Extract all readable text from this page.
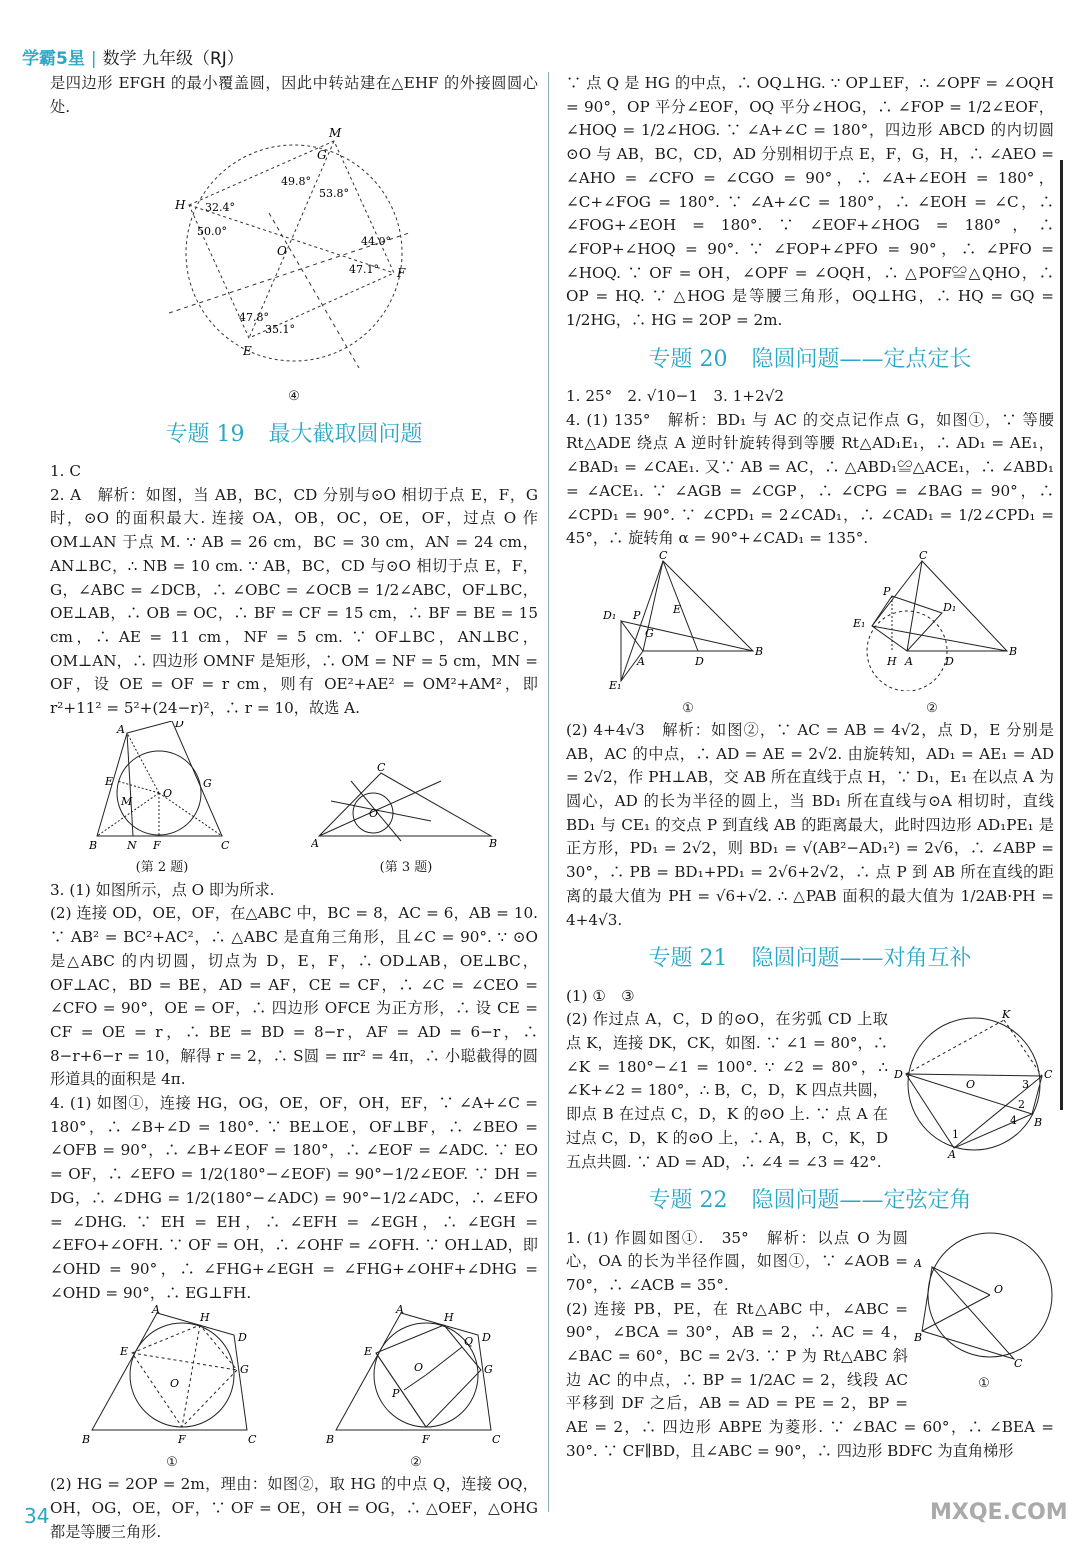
学霸5星 | 数学 九年级（RJ）

是四边形 EFGH 的最小覆盖圆，因此中转站建在△EHF 的外接圆圆心处.

M
G
H
F
E
O
49.8°
53.8°
32.4°
50.0°
44.0°
47.1°
47.8°
35.1°
④
专题 19 最大截取圆问题

1. C

2. A　解析：如图，当 AB，BC，CD 分别与⊙O 相切于点 E，F，G 时，⊙O 的面积最大. 连接 OA，OB，OC，OE，OF，过点 O 作 OM⊥AN 于点 M. ∵ AB = 26 cm，BC = 30 cm，AN = 24 cm，AN⊥BC，∴ NB = 10 cm. ∵ AB，BC，CD 与⊙O 相切于点 E，F，G，∠ABC = ∠DCB，∴ ∠OBC = ∠OCB = 1/2∠ABC，OF⊥BC，OE⊥AB，∴ OB = OC，∴ BF = CF = 15 cm，∴ BF = BE = 15 cm，∴ AE = 11 cm，NF = 5 cm. ∵ OF⊥BC，AN⊥BC，OM⊥AN，∴ 四边形 OMNF 是矩形，∴ OM = NF = 5 cm，MN = OF，设 OE = OF = r cm，则有 OE²+AE² = OM²+AM²，即 r²+11² = 5²+(24−r)²，∴ r = 10，故选 A.

A	D
E	G
M
O
B	N F	C
(第 2 题)
C
O
A	B
(第 3 题)

3. (1) 如图所示，点 O 即为所求.

(2) 连接 OD，OE，OF，在△ABC 中，BC = 8，AC = 6，AB = 10. ∵ AB² = BC²+AC²，∴ △ABC 是直角三角形，且∠C = 90°. ∵ ⊙O 是△ABC 的内切圆，切点为 D，E，F，∴ OD⊥AB，OE⊥BC，OF⊥AC，BD = BE，AD = AF，CE = CF，∴ ∠C = ∠CEO = ∠CFO = 90°，OE = OF，∴ 四边形 OFCE 为正方形，∴ 设 CE = CF = OE = r，∴ BE = BD = 8−r，AF = AD = 6−r，∴ 8−r+6−r = 10，解得 r = 2，∴ S圆 = πr² = 4π，∴ 小聪截得的圆形道具的面积是 4π.

4. (1) 如图①，连接 HG，OG，OE，OF，OH，EF，∵ ∠A+∠C = 180°，∴ ∠B+∠D = 180°. ∵ BE⊥OE，OF⊥BF，∴ ∠BEO = ∠OFB = 90°，∴ ∠B+∠EOF = 180°，∴ ∠EOF = ∠ADC. ∵ EO = OF，∴ ∠EFO = 1/2(180°−∠EOF) = 90°−1/2∠EOF. ∵ DH = DG，∴ ∠DHG = 1/2(180°−∠ADC) = 90°−1/2∠ADC，∴ ∠EFO = ∠DHG. ∵ EH = EH，∴ ∠EFH = ∠EGH，∴ ∠EGH = ∠EFO+∠OFH. ∵ OF = OH，∴ ∠OHF = ∠OFH. ∵ OH⊥AD，即∠OHD = 90°，∴ ∠FHG+∠EGH = ∠FHG+∠OHF+∠DHG = ∠OHD = 90°，∴ EG⊥FH.

A
H
D
E
G
O
B	F	C
①
A
H
D
E
G
Q
P
O
B	F	C
②

(2) HG = 2OP = 2m，理由：如图②，取 HG 的中点 Q，连接 OQ，OH，OG，OE，OF，∵ OF = OE，OH = OG，∴ △OEF，△OHG 都是等腰三角形.

∵ 点 Q 是 HG 的中点，∴ OQ⊥HG. ∵ OP⊥EF，∴ ∠OPF = ∠OQH = 90°，OP 平分∠EOF，OQ 平分∠HOG，∴ ∠FOP = 1/2∠EOF，∠HOQ = 1/2∠HOG. ∵ ∠A+∠C = 180°，四边形 ABCD 的内切圆⊙O 与 AB，BC，CD，AD 分别相切于点 E，F，G，H，∴ ∠AEO = ∠AHO = ∠CFO = ∠CGO = 90°，∴ ∠A+∠EOH = 180°，∠C+∠FOG = 180°. ∵ ∠A+∠C = 180°，∴ ∠EOH = ∠C，∴ ∠FOG+∠EOH = 180°. ∵ ∠EOF+∠HOG = 180°，∴ ∠FOP+∠HOQ = 90°. ∵ ∠FOP+∠PFO = 90°，∴ ∠PFO = ∠HOQ. ∵ OF = OH，∠OPF = ∠OQH，∴ △POF≌△QHO，∴ OP = HQ. ∵ △HOG 是等腰三角形，OQ⊥HG，∴ HQ = GQ = 1/2HG，∴ HG = 2OP = 2m.

专题 20 隐圆问题——定点定长

1. 25°　2. √10−1　3. 1+2√2

4. (1) 135°　解析：BD₁ 与 AC 的交点记作点 G，如图①，∵ 等腰 Rt△ADE 绕点 A 逆时针旋转得到等腰 Rt△AD₁E₁，∴ AD₁ = AE₁，∠BAD₁ = ∠CAE₁. 又∵ AB = AC，∴ △ABD₁≌△ACE₁，∴ ∠ABD₁ = ∠ACE₁. ∵ ∠AGB = ∠CGP，∴ ∠CPG = ∠BAG = 90°，∴ ∠CPD₁ = 90°. ∵ ∠CPD₁ = 2∠CAD₁，∴ ∠CAD₁ = 1/2∠CPD₁ = 45°，∴ 旋转角 α = 90°+∠CAD₁ = 135°.

C
D₁ P	E
G
A	D
B
E₁
①
C
P
D₁
E₁
H A	D
B
②

(2) 4+4√3　解析：如图②，∵ AC = AB = 4√2，点 D，E 分别是 AB，AC 的中点，∴ AD = AE = 2√2. 由旋转知，AD₁ = AE₁ = AD = 2√2，作 PH⊥AB，交 AB 所在直线于点 H，∵ D₁，E₁ 在以点 A 为圆心，AD 的长为半径的圆上，当 BD₁ 所在直线与⊙A 相切时，直线 BD₁ 与 CE₁ 的交点 P 到直线 AB 的距离最大，此时四边形 AD₁PE₁ 是正方形，PD₁ = 2√2，则 BD₁ = √(AB²−AD₁²) = 2√6，∴ ∠ABP = 30°，∴ PB = BD₁+PD₁ = 2√6+2√2，∴ 点 P 到 AB 所在直线的距离的最大值为 PH = √6+√2. ∴ △PAB 面积的最大值为 1/2AB·PH = 4+4√3.

专题 21 隐圆问题——对角互补

(1) ①　③

K
D
O
C
3
2
4
1
B
A

(2) 作过点 A，C，D 的⊙O，在劣弧 CD 上取点 K，连接 DK，CK，如图. ∵ ∠1 = 80°，∴ ∠K = 180°−∠1 = 100°. ∵ ∠2 = 80°，∴ ∠K+∠2 = 180°，∴ B，C，D，K 四点共圆，即点 B 在过点 C，D，K 的⊙O 上. ∵ 点 A 在过点 C，D，K 的⊙O 上，∴ A，B，C，K，D 五点共圆. ∵ AD = AD，∴ ∠4 = ∠3 = 42°.

专题 22 隐圆问题——定弦定角
A
O
B
C
①

1. (1) 作圆如图①.　35°　解析：以点 O 为圆心，OA 的长为半径作圆，如图①，∵ ∠AOB = 70°，∴ ∠ACB = 35°.

(2) 连接 PB，PE，在 Rt△ABC 中，∠ABC = 90°，∠BCA = 30°，AB = 2，∴ AC = 4，∠BAC = 60°，BC = 2√3. ∵ P 为 Rt△ABC 斜边 AC 的中点，∴ BP = 1/2AC = 2，线段 AC 平移到 DF 之后，AB = AD = PE = 2，BP = AE = 2，∴ 四边形 ABPE 为菱形. ∵ ∠BAC = 60°，∴ ∠BEA = 30°. ∵ CF∥BD，且∠ABC = 90°，∴ 四边形 BDFC 为直角梯形

34	MXQE.COM
